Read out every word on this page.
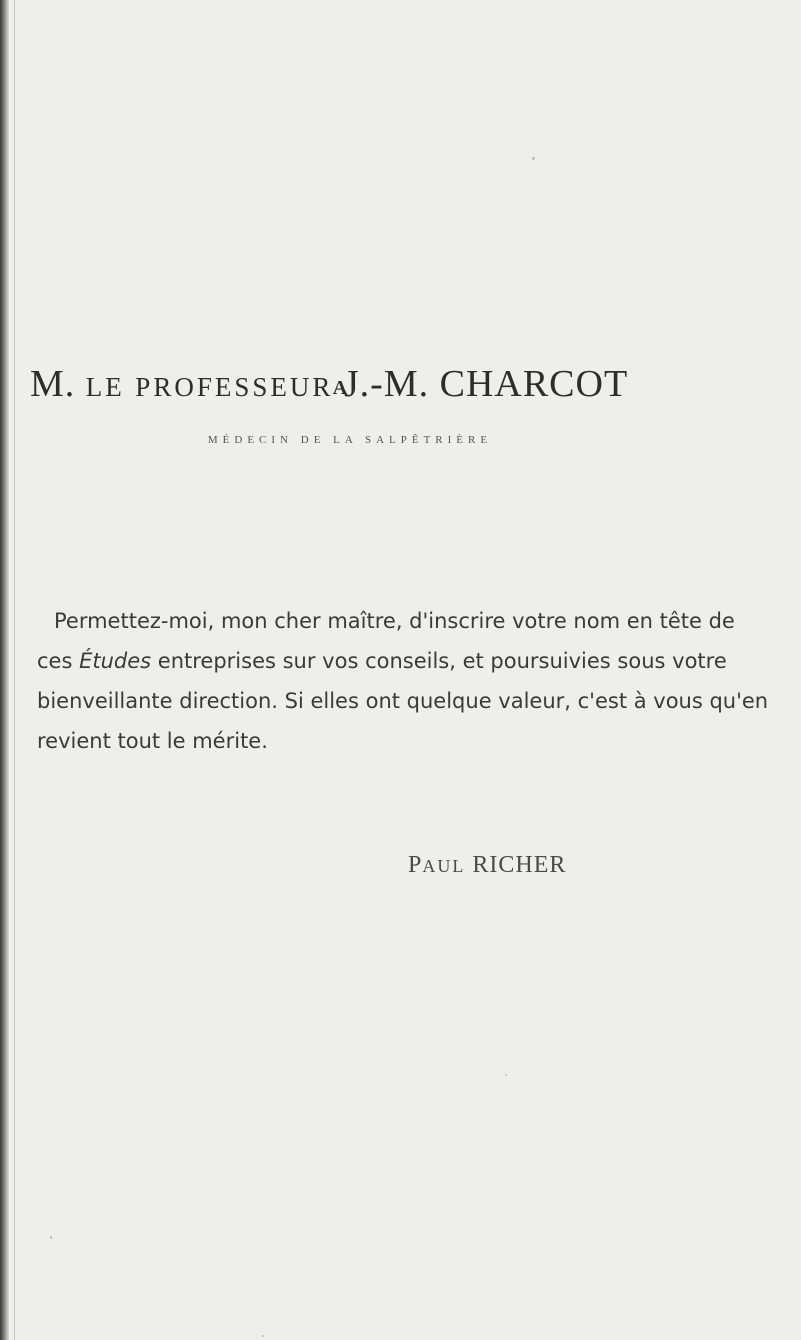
A
M. LE PROFESSEUR J.-M. CHARCOT
MÉDECIN DE LA SALPÊTRIÈRE
Permettez-moi, mon cher maître, d'inscrire votre nom en tête de
ces Études entreprises sur vos conseils, et poursuivies sous votre
bienveillante direction. Si elles ont quelque valeur, c'est à vous qu'en
revient tout le mérite.
PAUL RICHER
